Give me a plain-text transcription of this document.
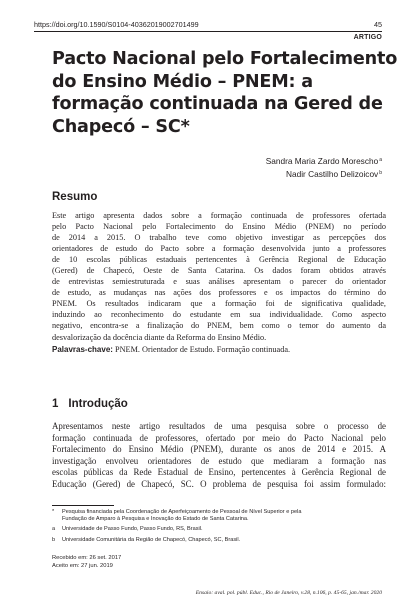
https://doi.org/10.1590/S0104-40362019002701499	45
ARTIGO
Pacto Nacional pelo Fortalecimento
do Ensino Médio – PNEM: a
formação continuada na Gered de
Chapecó – SC*
Sandra Maria Zardo Morescho$^a$
Nadir Castilho Delizoicov$^b$
Resumo
Este artigo apresenta dados sobre a formação continuada de professores ofertada
pelo Pacto Nacional pelo Fortalecimento do Ensino Médio (PNEM) no período
de 2014 a 2015. O trabalho teve como objetivo investigar as percepções dos
orientadores de estudo do Pacto sobre a formação desenvolvida junto a professores
de 10 escolas públicas estaduais pertencentes à Gerência Regional de Educação
(Gered) de Chapecó, Oeste de Santa Catarina. Os dados foram obtidos através
de entrevistas semiestruturada e suas análises apresentam o parecer do orientador
de estudo, as mudanças nas ações dos professores e os impactos do término do
PNEM. Os resultados indicaram que a formação foi de significativa qualidade,
induzindo ao reconhecimento do estudante em sua individualidade. Como aspecto
negativo, encontra-se a finalização do PNEM, bem como o temor do aumento da
desvalorização da docência diante da Reforma do Ensino Médio.
Palavras-chave: PNEM. Orientador de Estudo. Formação continuada.
1 Introdução
Apresentamos neste artigo resultados de uma pesquisa sobre o processo de
formação continuada de professores, ofertado por meio do Pacto Nacional pelo
Fortalecimento do Ensino Médio (PNEM), durante os anos de 2014 e 2015. A
investigação envolveu orientadores de estudo que mediaram a formação nas
escolas públicas da Rede Estadual de Ensino, pertencentes à Gerência Regional de
Educação (Gered) de Chapecó, SC. O problema de pesquisa foi assim formulado:
*	Pesquisa financiada pela Coordenação de Aperfeiçoamento de Pessoal de Nível Superior e pela
Fundação de Amparo à Pesquisa e Inovação do Estado de Santa Catarina.
a	Universidade de Passo Fundo, Passo Fundo, RS, Brasil.
b	Universidade Comunitária da Região de Chapecó, Chapecó, SC, Brasil.
Recebido em: 26 set. 2017
Aceito em: 27 jun. 2019
Ensaio: aval. pol. públ. Educ., Rio de Janeiro, v.28, n.106, p. 45-65, jan./mar. 2020
